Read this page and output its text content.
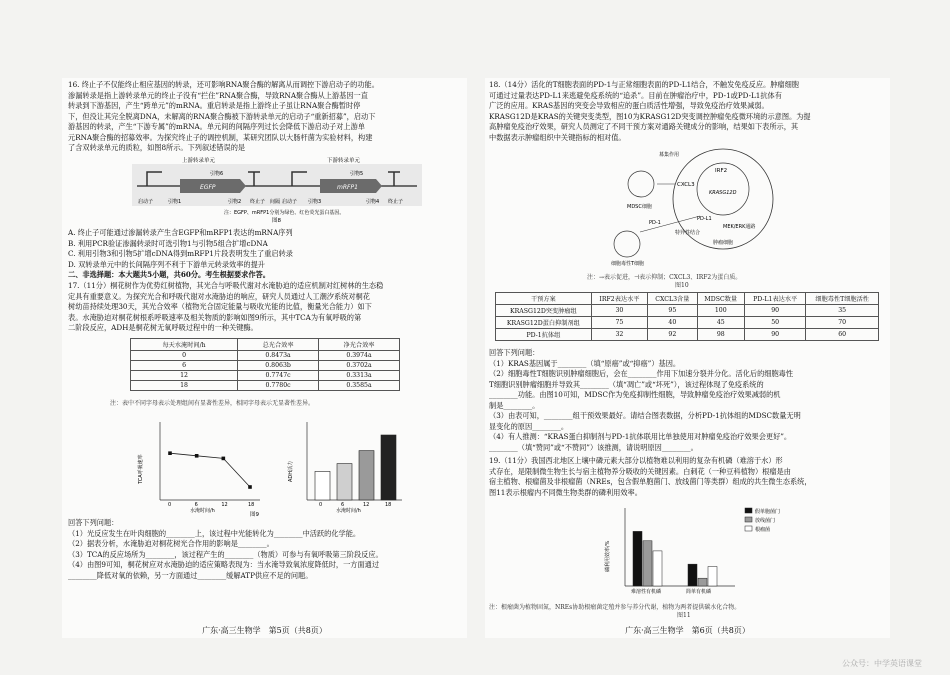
16. 终止子不仅能终止相应基因的转录，还可影响RNA聚合酶的解离从而调控下游启动子的功能。
渗漏转录是指上游转录单元的终止子没有“拦住”RNA聚合酶，导致RNA聚合酶从上游基因一直
转录到下游基因，产生“跨单元”的mRNA。重启转录是指上游终止子虽让RNA聚合酶暂时停
下，但没让其完全脱离DNA，未解离的RNA聚合酶被下游转录单元的启动子“重新招募”，启动下
游基因的转录，产生“下游专属”的mRNA。单元间的间隔序列过长会降低下游启动子对上游单
元RNA聚合酶的招募效率。为探究终止子的调控机制，某研究团队以大肠杆菌为实验材料，构建
了含双转录单元的质粒，如图8所示。下列叙述错误的是
上游转录单元	下游转录单元
EGFP	mRFP1
启动子	引物1	引物2 终止子 间隔 启动子 引物3	引物4 终止子
引物6	引物5
注：EGFP、mRFP1分别为绿色、红色荧光蛋白基因。
图8
A. 终止子可能通过渗漏转录产生含EGFP和mRFP1表达的mRNA序列
B. 利用PCR验证渗漏转录时可选引物1与引物5组合扩增cDNA
C. 利用引物3和引物5扩增cDNA得到mRFP1片段表明发生了重启转录
D. 双转录单元中的长间隔序列不利于下游单元转录效率的提升
二、非选择题：本大题共5小题，共60分。考生根据要求作答。
17.（11分）桐花树作为优势红树植物，其光合与呼吸代谢对水淹胁迫的适应机制对红树林的生态稳
定具有重要意义。为探究光合和呼吸代谢对水淹胁迫的响应，研究人员通过人工潮汐系统对桐花
树幼苗持续处理30天，其光合效率（植物光合固定能量与吸收光能的比值，衡量光合能力）如下
表。水淹胁迫对桐花树根系呼吸速率及相关物质的影响如图9所示，其中TCA为有氧呼吸的第
二阶段反应，ADH是桐花树无氧呼吸过程中的一种关键酶。
每天水淹时间/h	总光合效率	净光合效率
0	0.8473a	0.3974a
6	0.8063b	0.3702a
12	0.7747c	0.3313a
18	0.7780c	0.3585a
注：表中不同字母表示处理组间有显著性差异，相同字母表示无显著性差异。
TCA呼吸速率
水淹时间/h
ADH活力
水淹时间/h
图9
0	6	12	18	0	6	12	18
回答下列问题：
（1）光反应发生在叶肉细胞的________上，该过程中光能转化为________中活跃的化学能。
（2）据表分析，水淹胁迫对桐花树光合作用的影响是________。
（3）TCA的反应场所为________，该过程产生的________（物质）可参与有氧呼吸第三阶段反应。
（4）由图9可知，桐花树应对水淹胁迫的适应策略表现为：当水淹导致氧浓度降低时，一方面通过
________降低对氧的依赖，另一方面通过________缓解ATP供应不足的问题。
广东·高三生物学　第5页（共8页）
18.（14分）活化的T细胞表面的PD-1与正常细胞表面的PD-L1结合，不触发免疫反应。肿瘤细胞
可通过过量表达PD-L1来逃避免疫系统的“追杀”。目前在肿瘤治疗中，PD-1或PD-L1抗体有
广泛的应用。KRAS基因的突变会导致相应的蛋白质活性增强，导致免疫治疗效果减弱。
KRASG12D是KRAS的关键突变类型，图10为KRASG12D突变调控肿瘤免疫微环境的示意图。为提
高肿瘤免疫治疗效果，研究人员测定了不同干预方案对通路关键成分的影响，结果如下表所示，其
中数据表示肿瘤组织中关键指标的相对值。
IRF2
CXCL3
募集作用
KRASG12D
MDSC细胞
PD-1
PD-L1
特异性结合
MEK/ERK通路
肿瘤细胞
细胞毒性T细胞
注：→表示促进，⊣表示抑制；CXCL3、IRF2为蛋白质。
图10
干预方案	IRF2表达水平	CXCL3含量	MDSC数量	PD-L1表达水平	细胞毒性T细胞活性
KRASG12D突变肿瘤组	30	95	100	90	35
KRASG12D蛋白抑制剂组	75	40	45	50	70
PD-1抗体组	32	92	98	90	60
回答下列问题：
（1）KRAS基因属于________（填“原癌”或“抑癌”）基因。
（2）细胞毒性T细胞识别肿瘤细胞后，会在________作用下加速分裂并分化。活化后的细胞毒性
T细胞识别肿瘤细胞并导致其________（填“凋亡”或“坏死”），该过程体现了免疫系统的
________功能。由图10可知，MDSC作为免疫抑制性细胞，导致肿瘤免疫治疗效果减弱的机
制是________。
（3）由表可知，________组干预效果最好。请结合图表数据，分析PD-1抗体组的MDSC数量无明
显变化的原因________。
（4）有人推测：“KRAS蛋白抑制剂与PD-1抗体联用比单独使用对肿瘤免疫治疗效果会更好”。
________（填“赞同”或“不赞同”）该推测，请说明原因________。
19.（11分）我国西北地区上壤中磷元素大部分以植物难以利用的复杂有机磷（难溶于水）形
式存在，是限制微生物生长与宿主植物养分吸收的关键因素。白刺花（一种豆科植物）根瘤是由
宿主植物、根瘤菌及非根瘤菌（NREs，包含假单胞菌门、放线菌门等类群）组成的共生微生态系统，
图11表示根瘤内不同微生物类群的磷利用效率。
磷利用效率/%
难溶性有机磷	简单有机磷
假单胞菌门
放线菌门
根瘤菌
注：根瘤菌为植物固氮，NREs协助根瘤菌定殖并参与养分代谢，植物为两者提供碳水化合物。
图11
广东·高三生物学　第6页（共8页）
公众号：中学英语课堂
